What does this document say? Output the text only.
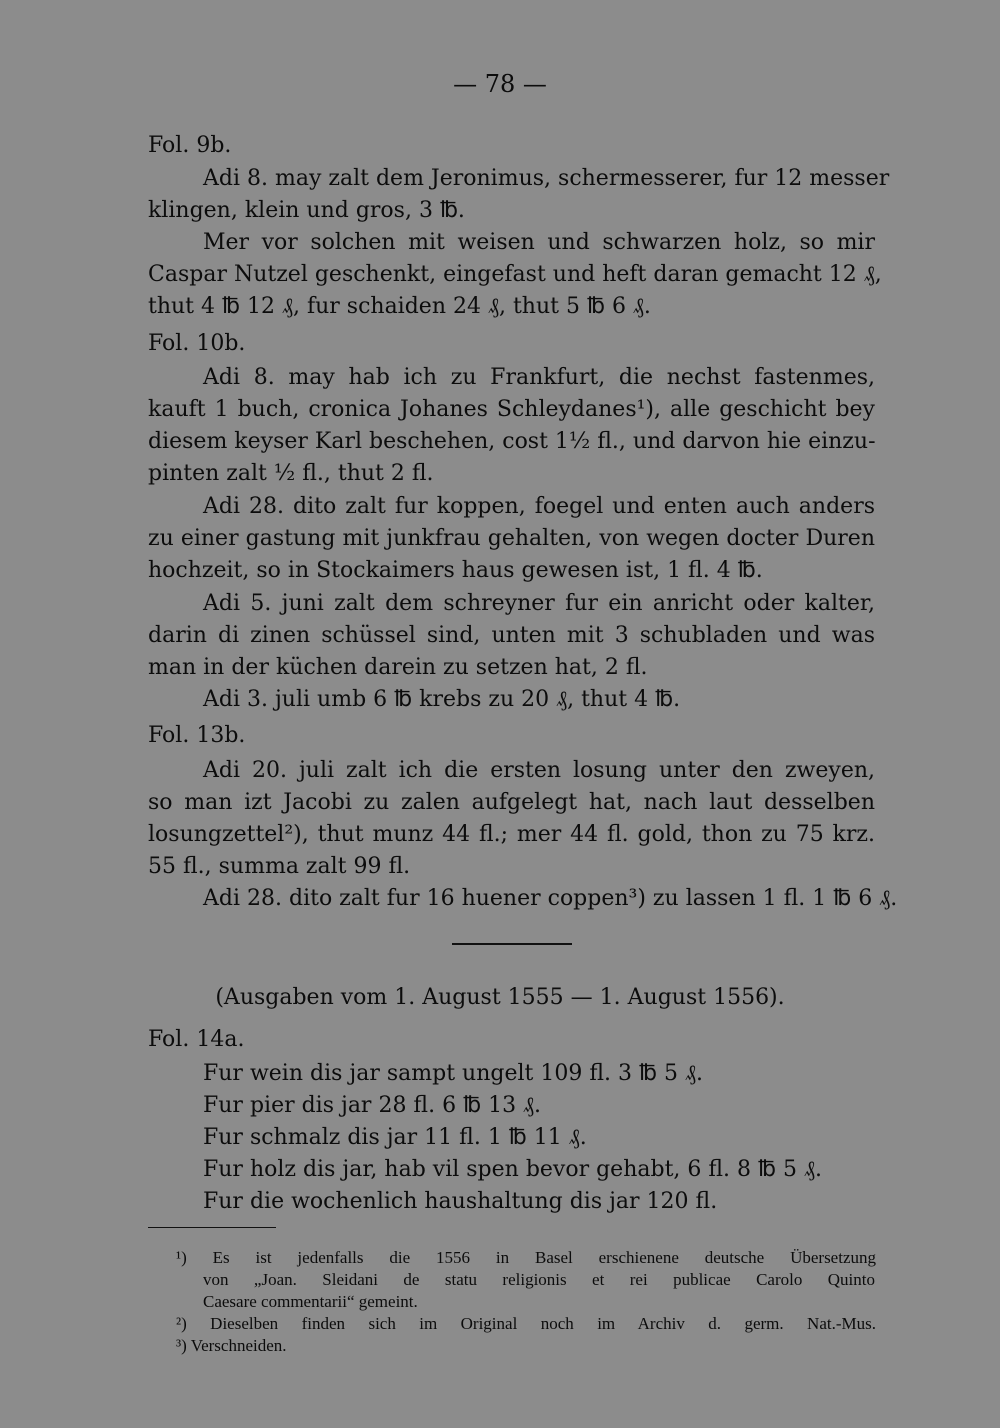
— 78 —
Fol. 9b.
Adi 8. may zalt dem Jeronimus, schermesserer, fur 12 messer
klingen, klein und gros, 3 ℔.
Mer vor solchen mit weisen und schwarzen holz, so mir
Caspar Nutzel geschenkt, eingefast und heft daran gemacht 12 ₰,
thut 4 ℔ 12 ₰, fur schaiden 24 ₰, thut 5 ℔ 6 ₰.
Fol. 10b.
Adi 8. may hab ich zu Frankfurt, die nechst fastenmes,
kauft 1 buch, cronica Johanes Schleydanes¹), alle geschicht bey
diesem keyser Karl beschehen, cost 1½ fl., und darvon hie einzu-
pinten zalt ½ fl., thut 2 fl.
Adi 28. dito zalt fur koppen, foegel und enten auch anders
zu einer gastung mit junkfrau gehalten, von wegen docter Duren
hochzeit, so in Stockaimers haus gewesen ist, 1 fl. 4 ℔.
Adi 5. juni zalt dem schreyner fur ein anricht oder kalter,
darin di zinen schüssel sind, unten mit 3 schubladen und was
man in der küchen darein zu setzen hat, 2 fl.
Adi 3. juli umb 6 ℔ krebs zu 20 ₰, thut 4 ℔.
Fol. 13b.
Adi 20. juli zalt ich die ersten losung unter den zweyen,
so man izt Jacobi zu zalen aufgelegt hat, nach laut desselben
losungzettel²), thut munz 44 fl.; mer 44 fl. gold, thon zu 75 krz.
55 fl., summa zalt 99 fl.
Adi 28. dito zalt fur 16 huener coppen³) zu lassen 1 fl. 1 ℔ 6 ₰.
(Ausgaben vom 1. August 1555 — 1. August 1556).
Fol. 14a.
Fur wein dis jar sampt ungelt 109 fl. 3 ℔ 5 ₰.
Fur pier dis jar 28 fl. 6 ℔ 13 ₰.
Fur schmalz dis jar 11 fl. 1 ℔ 11 ₰.
Fur holz dis jar, hab vil spen bevor gehabt, 6 fl. 8 ℔ 5 ₰.
Fur die wochenlich haushaltung dis jar 120 fl.
¹) Es ist jedenfalls die 1556 in Basel erschienene deutsche Übersetzung
von „Joan. Sleidani de statu religionis et rei publicae Carolo Quinto
Caesare commentarii“ gemeint.
²) Dieselben finden sich im Original noch im Archiv d. germ. Nat.-Mus.
³) Verschneiden.
